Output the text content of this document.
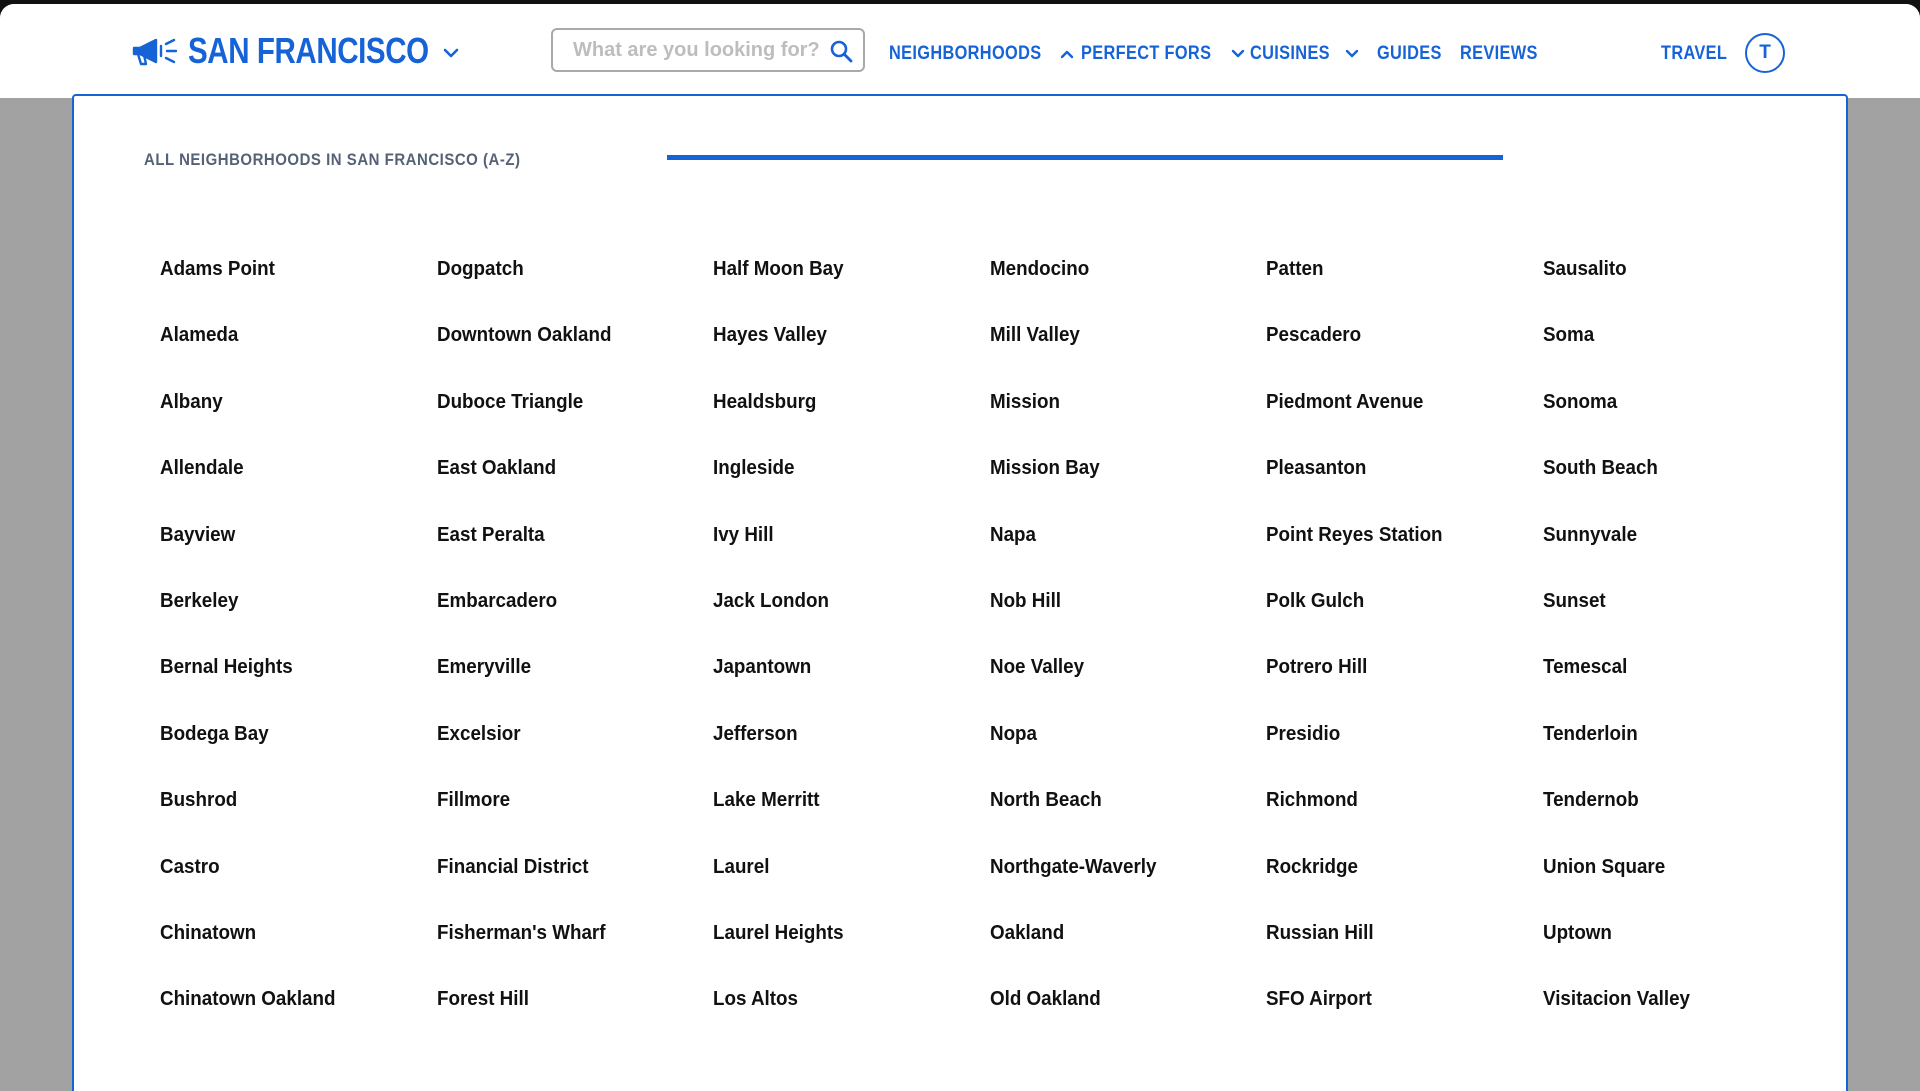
SAN FRANCISCO
What are you looking for?	NEIGHBORHOODS PERFECT FORS CUISINES GUIDES REVIEWS	TRAVEL	T
ALL NEIGHBORHOODS IN SAN FRANCISCO (A-Z)
Adams Point
Alameda
Albany
Allendale
Bayview
Berkeley
Bernal Heights
Bodega Bay
Bushrod
Castro
Chinatown
Chinatown Oakland
Dogpatch
Downtown Oakland
Duboce Triangle
East Oakland
East Peralta
Embarcadero
Emeryville
Excelsior
Fillmore
Financial District
Fisherman's Wharf
Forest Hill
Half Moon Bay
Hayes Valley
Healdsburg
Ingleside
Ivy Hill
Jack London
Japantown
Jefferson
Lake Merritt
Laurel
Laurel Heights
Los Altos
Mendocino
Mill Valley
Mission
Mission Bay
Napa
Nob Hill
Noe Valley
Nopa
North Beach
Northgate-Waverly
Oakland
Old Oakland
Patten
Pescadero
Piedmont Avenue
Pleasanton
Point Reyes Station
Polk Gulch
Potrero Hill
Presidio
Richmond
Rockridge
Russian Hill
SFO Airport
Sausalito
Soma
Sonoma
South Beach
Sunnyvale
Sunset
Temescal
Tenderloin
Tendernob
Union Square
Uptown
Visitacion Valley
